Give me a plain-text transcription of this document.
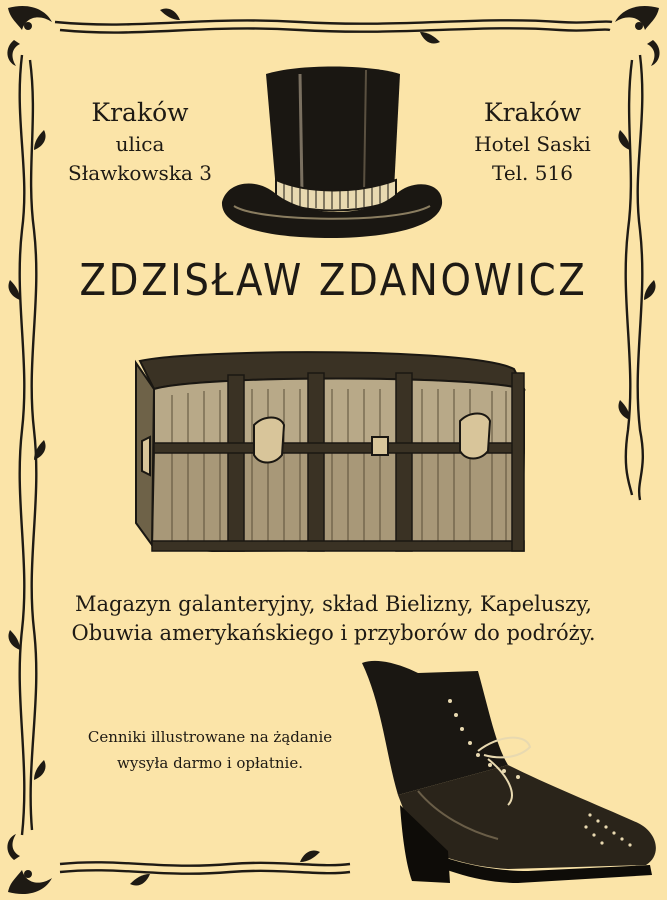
Kraków
ulica
Sławkowska 3
Kraków
Hotel Saski
Tel. 516
ZDZISŁAW ZDANOWICZ
Magazyn galanteryjny, skład Bielizny, Kapeluszy,
Obuwia amerykańskiego i przyborów do podróży.
Cenniki illustrowane na żądanie
wysyła darmo i opłatnie.
